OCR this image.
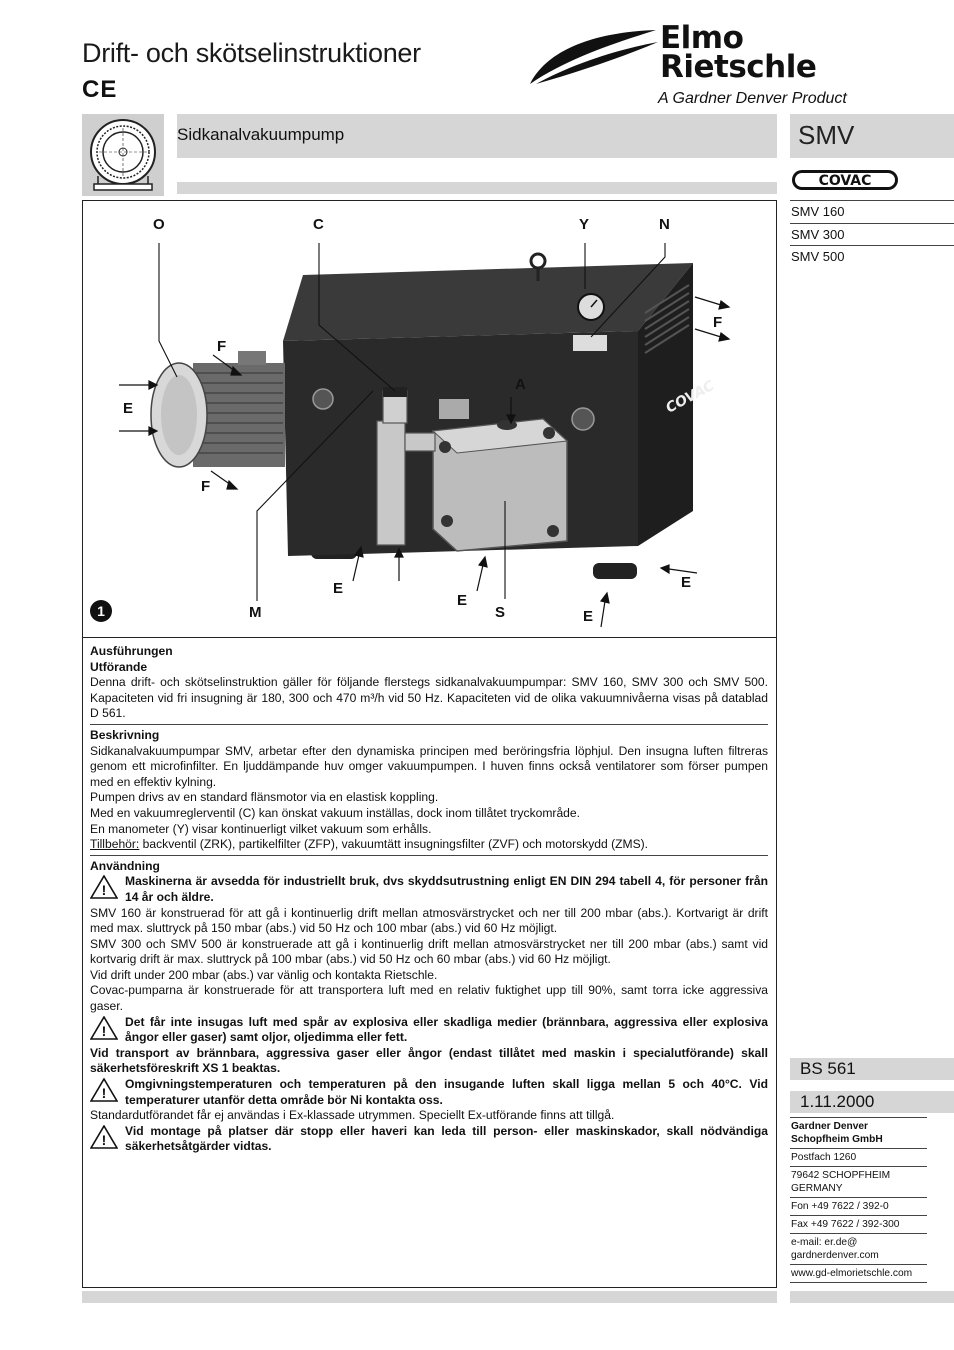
Drift- och skötselinstruktioner
CE
Elmo
Rietschle
A Gardner Denver Product
Sidkanalvakuumpump	SMV
COVAC
SMV 160
SMV 300
SMV 500
COVAC
O	C	Y	N
F
F
E
F
A
E
E
S
M	E
E
1
Ausführungen
Utförande
Denna drift- och skötselinstruktion gäller för följande flerstegs sidkanalvakuumpumpar: SMV 160, SMV 300 och SMV 500. Kapaciteten vid fri insugning är 180, 300 och 470 m³/h vid 50 Hz. Kapaciteten vid de olika vakuumnivåerna visas på datablad D 561.
Beskrivning
Sidkanalvakuumpumpar SMV, arbetar efter den dynamiska principen med beröringsfria löphjul. Den insugna luften filtreras genom ett microfinfilter. En ljuddämpande huv omger vakuumpumpen. I huven finns också ventilatorer som förser pumpen med en effektiv kylning.
Pumpen drivs av en standard flänsmotor via en elastisk koppling.
Med en vakuumreglerventil (C) kan önskat vakuum inställas, dock inom tillåtet tryckområde.
En manometer (Y) visar kontinuerligt vilket vakuum som erhålls.
Tillbehör: backventil (ZRK), partikelfilter (ZFP), vakuumtätt insugningsfilter (ZVF) och motorskydd (ZMS).
Användning
!
Maskinerna är avsedda för industriellt bruk, dvs skyddsutrustning enligt EN DIN 294 tabell 4, för personer från 14 år och äldre.
SMV 160 är konstruerad för att gå i kontinuerlig drift mellan atmosvärstrycket och ner till 200 mbar (abs.). Kortvarigt är drift med max. sluttryck på 150 mbar (abs.) vid 50 Hz och 100 mbar (abs.) vid 60 Hz möjligt.
SMV 300 och SMV 500 är konstruerade att gå i kontinuerlig drift mellan atmosvärstrycket ner till 200 mbar (abs.) samt vid kortvarig drift är max. sluttryck på 100 mbar (abs.) vid 50 Hz och 60 mbar (abs.) vid 60 Hz möjligt.
Vid drift under 200 mbar (abs.) var vänlig och kontakta Rietschle.
Covac-pumparna är konstruerade för att transportera luft med en relativ fuktighet upp till 90%, samt torra icke aggressiva gaser.
!
Det får inte insugas luft med spår av explosiva eller skadliga medier (brännbara, aggressiva eller explosiva ångor eller gaser) samt oljor, oljedimma eller fett.
Vid transport av brännbara, aggressiva gaser eller ångor (endast tillåtet med maskin i specialutförande) skall säkerhetsföreskrift XS 1 beaktas.
!
Omgivningstemperaturen och temperaturen på den insugande luften skall ligga mellan 5 och 40°C. Vid temperaturer utanför detta område bör Ni kontakta oss.
Standardutförandet får ej användas i Ex-klassade utrymmen. Speciellt Ex-utförande finns att tillgå.
!
Vid montage på platser där stopp eller haveri kan leda till person- eller maskinskador, skall nödvändiga säkerhetsåtgärder vidtas.
BS 561
1.11.2000
Gardner Denver
Schopfheim GmbH
Postfach 1260
79642 SCHOPFHEIM
GERMANY
Fon +49 7622 / 392-0
Fax +49 7622 / 392-300
e-mail: er.de@
gardnerdenver.com
www.gd-elmorietschle.com
